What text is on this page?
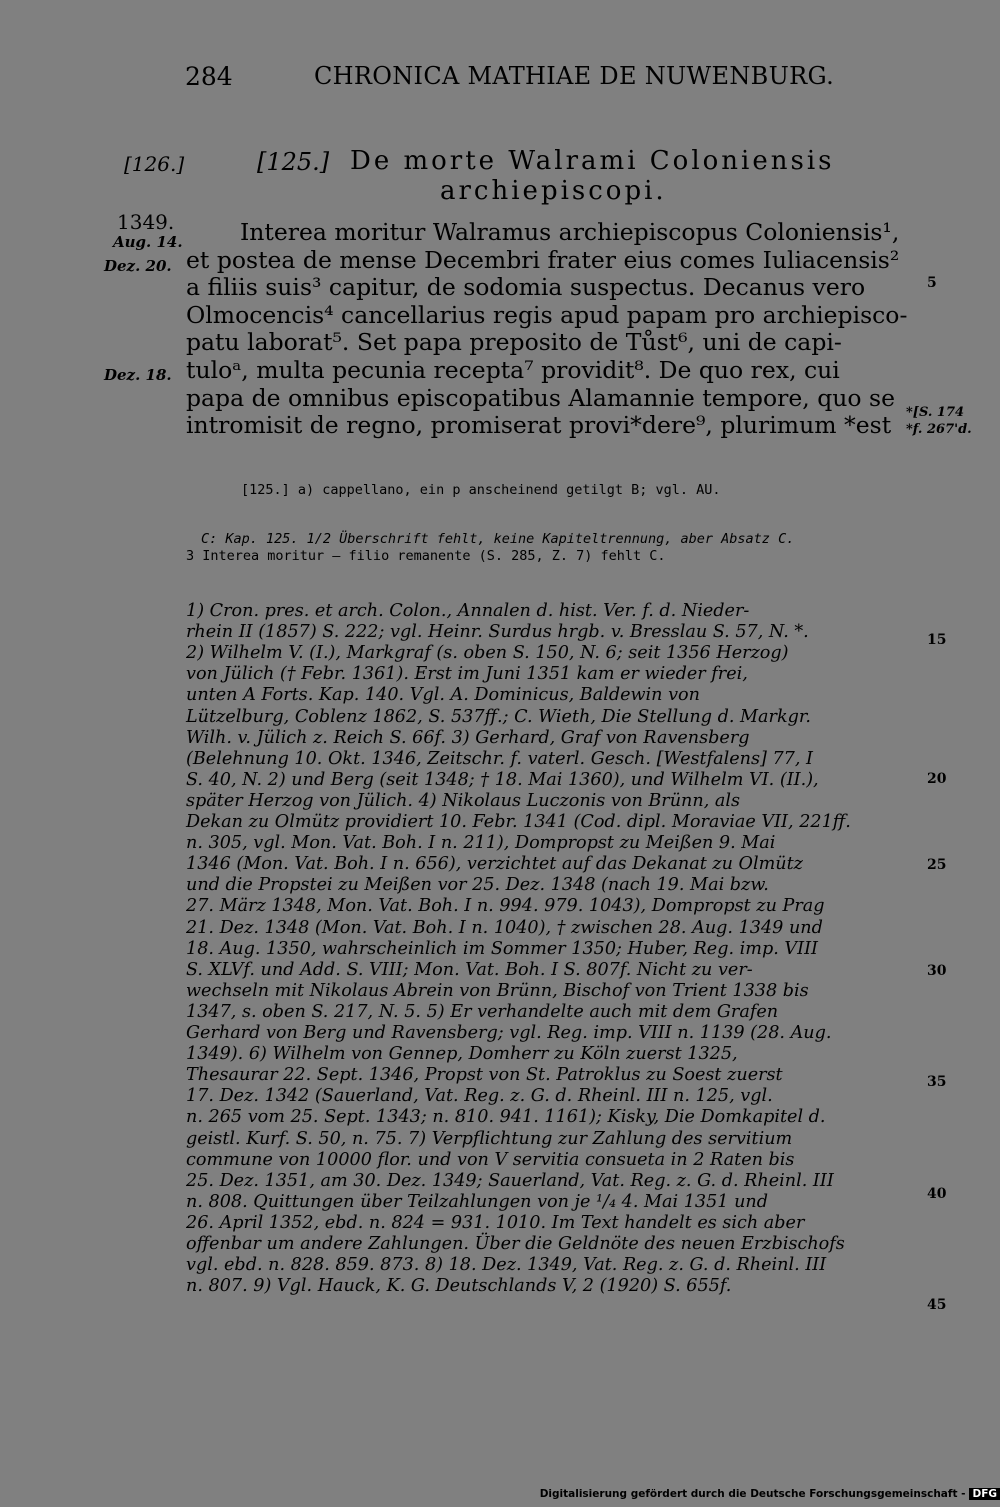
284	CHRONICA MATHIAE DE NUWENBURG.
[126.]	[125.] De morte Walrami Coloniensis
archiepiscopi.
1349.
Aug. 14.
Dez. 20.
Dez. 18.
Interea moritur Walramus archiepiscopus Coloniensis¹,
et postea de mense Decembri frater eius comes Iuliacensis²
a filiis suis³ capitur, de sodomia suspectus. Decanus vero
Olmocencis⁴ cancellarius regis apud papam pro archiepisco-
patu laborat⁵. Set papa preposito de Tůst⁶, uni de capi-
tuloᵃ, multa pecunia recepta⁷ providit⁸. De quo rex, cui
papa de omnibus episcopatibus Alamannie tempore, quo se
intromisit de regno, promiserat provi*dere⁹, plurimum *est
5
15
20
25
30
35
40
45
*[S. 174
*f. 267'd.
[125.] a) cappellano, ein p anscheinend getilgt B; vgl. AU.
C: Kap. 125. 1/2 Überschrift fehlt, keine Kapiteltrennung, aber Absatz C.
3 Interea moritur — filio remanente (S. 285, Z. 7) fehlt C.
1) Cron. pres. et arch. Colon., Annalen d. hist. Ver. f. d. Nieder-
rhein II (1857) S. 222; vgl. Heinr. Surdus hrgb. v. Bresslau S. 57, N. *.
2) Wilhelm V. (I.), Markgraf (s. oben S. 150, N. 6; seit 1356 Herzog)
von Jülich († Febr. 1361). Erst im Juni 1351 kam er wieder frei,
unten A Forts. Kap. 140. Vgl. A. Dominicus, Baldewin von
Lützelburg, Coblenz 1862, S. 537ff.; C. Wieth, Die Stellung d. Markgr.
Wilh. v. Jülich z. Reich S. 66f. 3) Gerhard, Graf von Ravensberg
(Belehnung 10. Okt. 1346, Zeitschr. f. vaterl. Gesch. [Westfalens] 77, I
S. 40, N. 2) und Berg (seit 1348; † 18. Mai 1360), und Wilhelm VI. (II.),
später Herzog von Jülich. 4) Nikolaus Luczonis von Brünn, als
Dekan zu Olmütz providiert 10. Febr. 1341 (Cod. dipl. Moraviae VII, 221ff.
n. 305, vgl. Mon. Vat. Boh. I n. 211), Dompropst zu Meißen 9. Mai
1346 (Mon. Vat. Boh. I n. 656), verzichtet auf das Dekanat zu Olmütz
und die Propstei zu Meißen vor 25. Dez. 1348 (nach 19. Mai bzw.
27. März 1348, Mon. Vat. Boh. I n. 994. 979. 1043), Dompropst zu Prag
21. Dez. 1348 (Mon. Vat. Boh. I n. 1040), † zwischen 28. Aug. 1349 und
18. Aug. 1350, wahrscheinlich im Sommer 1350; Huber, Reg. imp. VIII
S. XLVf. und Add. S. VIII; Mon. Vat. Boh. I S. 807f. Nicht zu ver-
wechseln mit Nikolaus Abrein von Brünn, Bischof von Trient 1338 bis
1347, s. oben S. 217, N. 5. 5) Er verhandelte auch mit dem Grafen
Gerhard von Berg und Ravensberg; vgl. Reg. imp. VIII n. 1139 (28. Aug.
1349). 6) Wilhelm von Gennep, Domherr zu Köln zuerst 1325,
Thesaurar 22. Sept. 1346, Propst von St. Patroklus zu Soest zuerst
17. Dez. 1342 (Sauerland, Vat. Reg. z. G. d. Rheinl. III n. 125, vgl.
n. 265 vom 25. Sept. 1343; n. 810. 941. 1161); Kisky, Die Domkapitel d.
geistl. Kurf. S. 50, n. 75. 7) Verpflichtung zur Zahlung des servitium
commune von 10000 flor. und von V servitia consueta in 2 Raten bis
25. Dez. 1351, am 30. Dez. 1349; Sauerland, Vat. Reg. z. G. d. Rheinl. III
n. 808. Quittungen über Teilzahlungen von je ¹/₄ 4. Mai 1351 und
26. April 1352, ebd. n. 824 = 931. 1010. Im Text handelt es sich aber
offenbar um andere Zahlungen. Über die Geldnöte des neuen Erzbischofs
vgl. ebd. n. 828. 859. 873. 8) 18. Dez. 1349, Vat. Reg. z. G. d. Rheinl. III
n. 807. 9) Vgl. Hauck, K. G. Deutschlands V, 2 (1920) S. 655f.
Digitalisierung gefördert durch die Deutsche Forschungsgemeinschaft - DFG
